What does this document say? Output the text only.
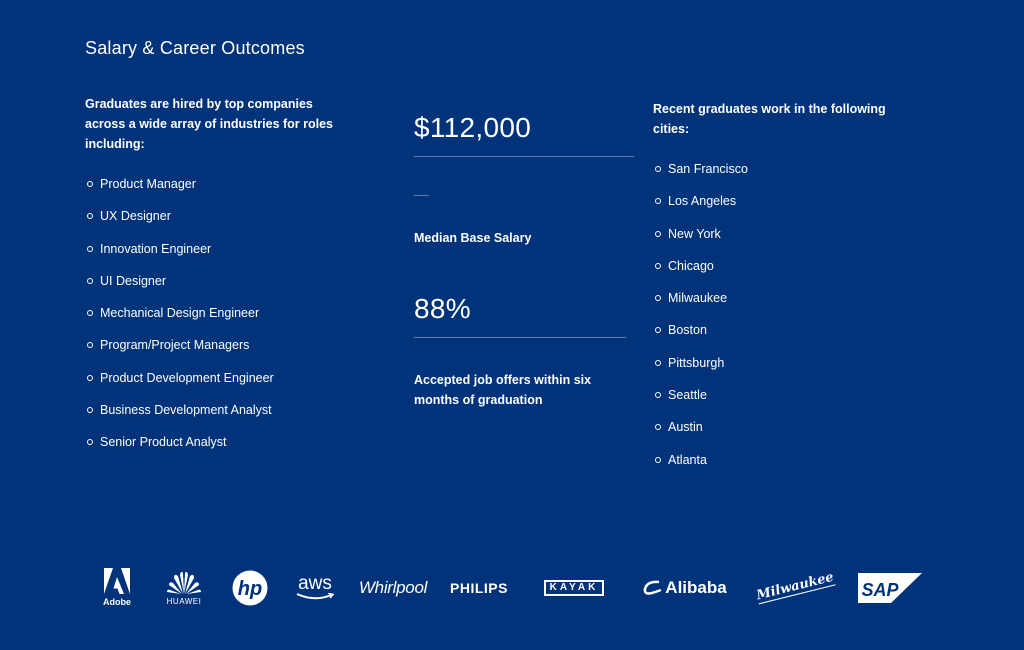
Salary & Career Outcomes

Graduates are hired by top companies across a wide array of industries for roles including:

Product Manager
UX Designer
Innovation Engineer
UI Designer
Mechanical Design Engineer
Program/Project Managers
Product Development Engineer
Business Development Analyst
Senior Product Analyst
$112,000
Median Base Salary
88%
Accepted job offers within six months of graduation

Recent graduates work in the following cities:

San Francisco
Los Angeles
New York
Chicago
Milwaukee
Boston
Pittsburgh
Seattle
Austin
Atlanta
Adobe	HUAWEI
hp aws Whirlpool PHILIPS	KAYAK	Alibaba Milwaukee SAP
